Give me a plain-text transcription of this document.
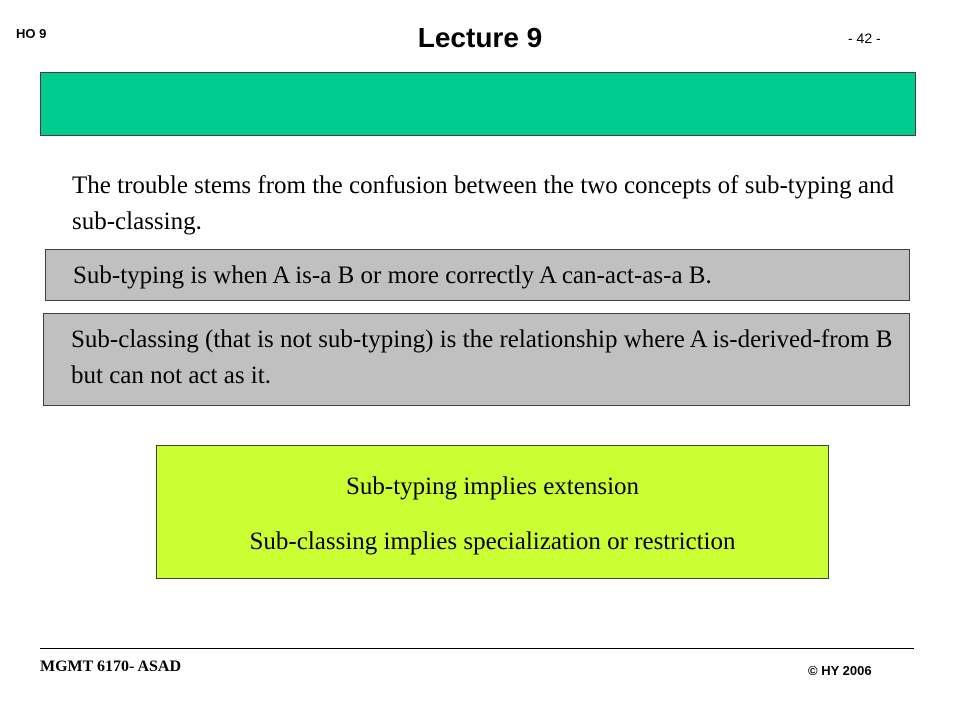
HO 9	Lecture 9	- 42 -
The trouble stems from the confusion between the two concepts of sub-typing and sub-classing.
Sub-typing is when A is-a B or more correctly A can-act-as-a B.
Sub-classing (that is not sub-typing) is the relationship where A is-derived-from B but can not act as it.
Sub-typing implies extension
Sub-classing implies specialization or restriction
MGMT 6170- ASAD	© HY 2006
